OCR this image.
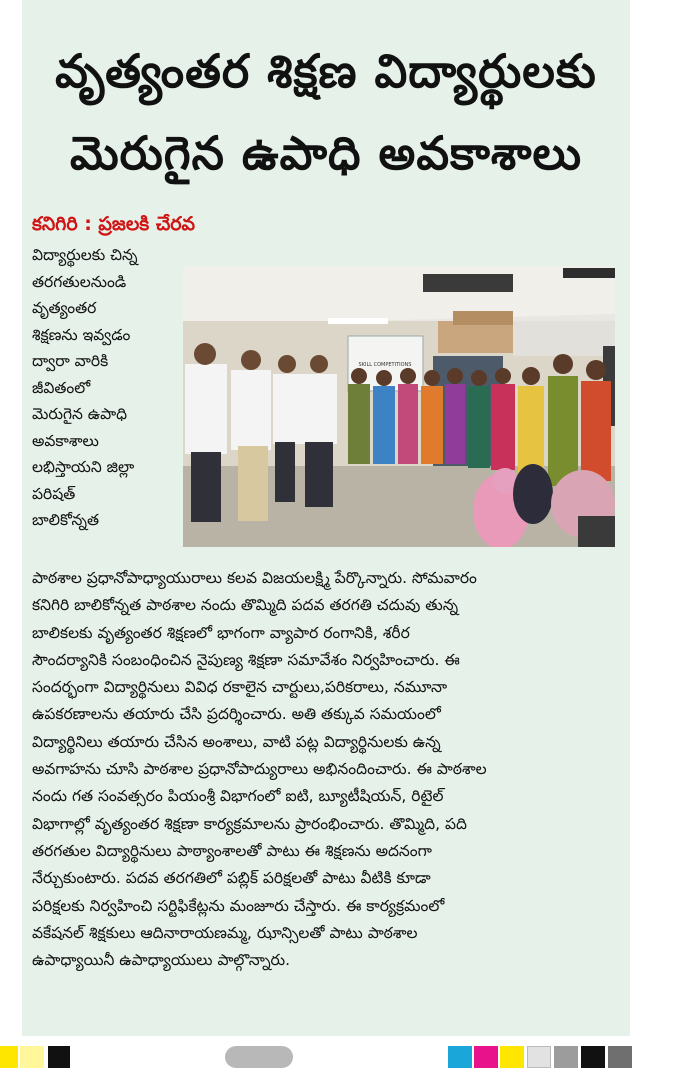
వృత్యంతర శిక్షణ విద్యార్థులకు
మెరుగైన ఉపాధి అవకాశాలు
కనిగిరి : ప్రజలకి చేరవ
విద్యార్థులకు చిన్న
తరగతులనుండి
వృత్యంతర
శిక్షణను ఇవ్వడం
ద్వారా వారికి
జీవితంలో
మెరుగైన ఉపాధి
అవకాశాలు
లభిస్తాయని జిల్లా
పరిషత్
బాలికోన్నత
SKILL COMPETITIONS
పాఠశాల ప్రధానోపాధ్యాయురాలు కలవ విజయలక్ష్మి పేర్కొన్నారు. సోమవారం
కనిగిరి బాలికోన్నత పాఠశాల నందు తొమ్మిది పదవ తరగతి చదువు తున్న
బాలికలకు వృత్యంతర శిక్షణలో భాగంగా వ్యాపార రంగానికి, శరీర
సౌందర్యానికి సంబంధించిన నైపుణ్య శిక్షణా సమావేశం నిర్వహించారు. ఈ
సందర్భంగా విద్యార్థినులు వివిధ రకాలైన చార్టులు,పరికరాలు, నమూనా
ఉపకరణాలను తయారు చేసి ప్రదర్శించారు. అతి తక్కువ సమయంలో
విద్యార్థినిలు తయారు చేసిన అంశాలు, వాటి పట్ల విద్యార్థినులకు ఉన్న
అవగాహను చూసి పాఠశాల ప్రధానోపాద్యురాలు అభినందించారు. ఈ పాఠశాల
నందు గత సంవత్సరం పియంశ్రీ విభాగంలో ఐటి, బ్యూటీషియన్, రిటైల్
విభాగాల్లో వృత్యంతర శిక్షణా కార్యక్రమాలను ప్రారంభించారు. తొమ్మిది, పది
తరగతుల విద్యార్థినులు పాఠ్యాంశాలతో పాటు ఈ శిక్షణను అదనంగా
నేర్చుకుంటారు. పదవ తరగతిలో పబ్లిక్ పరిక్షలతో పాటు వీటికి కూడా
పరిక్షలకు నిర్వహించి సర్టిఫికేట్లను మంజూరు చేస్తారు. ఈ కార్యక్రమంలో
వకేషనల్ శిక్షకులు ఆదినారాయణమ్మ, ఝాన్సిలతో పాటు పాఠశాల
ఉపాధ్యాయినీ ఉపాధ్యాయులు పాల్గొన్నారు.
